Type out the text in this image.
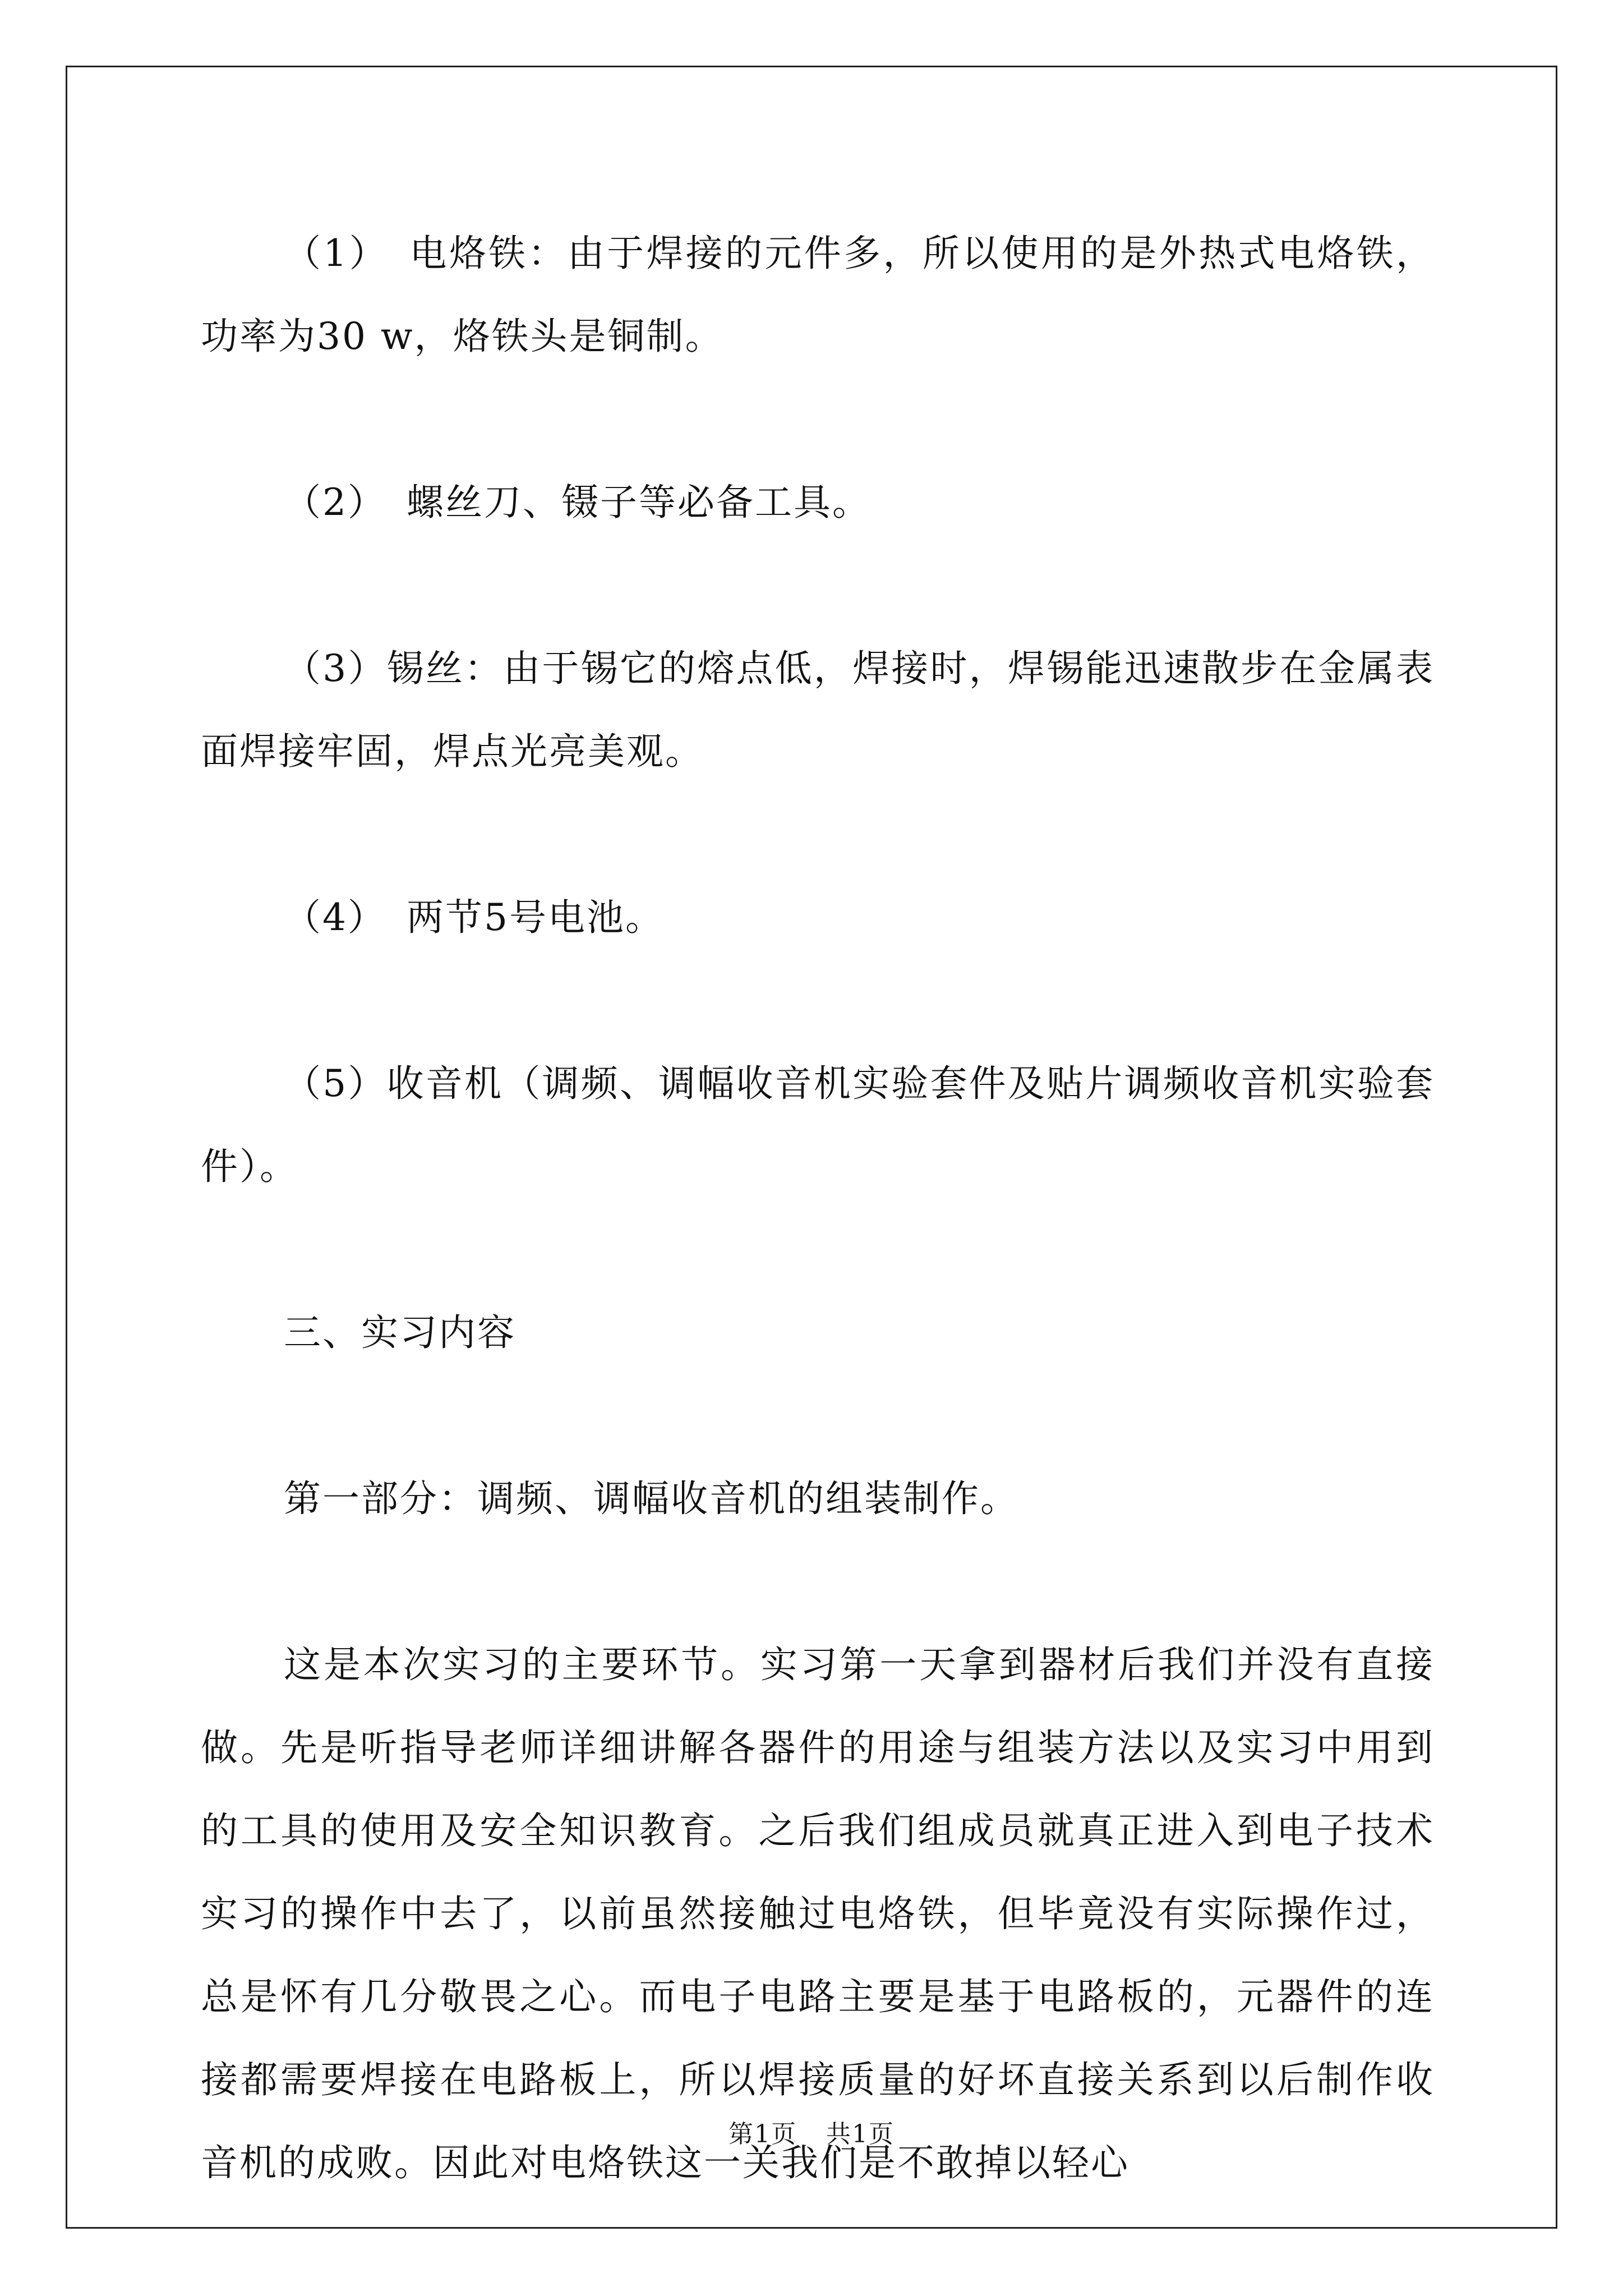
（1）　电烙铁：由于焊接的元件多，所以使用的是外热式电烙铁，功率为30 w，烙铁头是铜制。

（2）　螺丝刀、镊子等必备工具。

（3）锡丝：由于锡它的熔点低，焊接时，焊锡能迅速散步在金属表面焊接牢固，焊点光亮美观。

（4）　两节5号电池。

（5）收音机（调频、调幅收音机实验套件及贴片调频收音机实验套件）。

三、实习内容

第一部分：调频、调幅收音机的组装制作。

这是本次实习的主要环节。实习第一天拿到器材后我们并没有直接做。先是听指导老师详细讲解各器件的用途与组装方法以及实习中用到的工具的使用及安全知识教育。之后我们组成员就真正进入到电子技术实习的操作中去了，以前虽然接触过电烙铁，但毕竟没有实际操作过，总是怀有几分敬畏之心。而电子电路主要是基于电路板的，元器件的连接都需要焊接在电路板上，所以焊接质量的好坏直接关系到以后制作收音机的成败。因此对电烙铁这一关我们是不敢掉以轻心

第1页 共1页
